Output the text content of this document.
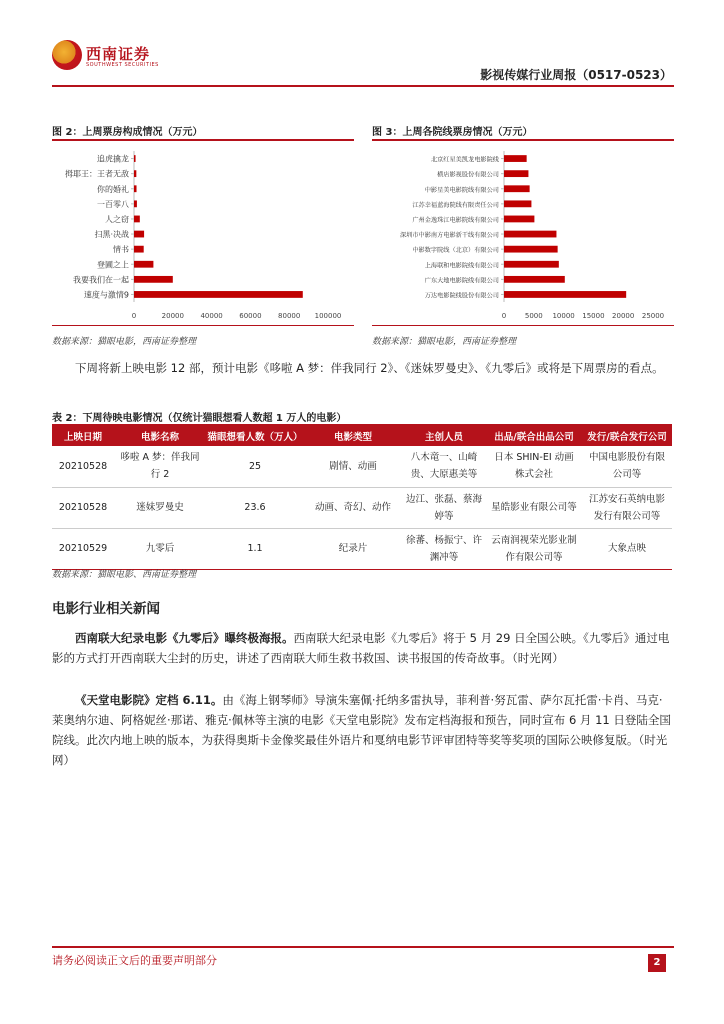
西南证券
SOUTHWEST SECURITIES
影视传媒行业周报（0517-0523）
图 2：上周票房构成情况（万元）
速度与激情9
我要我们在一起
登圃之上
情书
扫黑·决战
人之窃
一百零八
你的婚礼
拇耶王：王者无敌
追虎擒龙
0	20000 40000 60000 80000 100000
数据来源：猫眼电影，西南证券整理
图 3：上周各院线票房情况（万元）
万达电影院线股份有限公司
广东大地电影院线有限公司
上海联和电影院线有限公司
中影数字院线（北京）有限公司
深圳市中影南方电影新干线有限公司
广州金逸珠江电影院线有限公司
江苏幸福蓝海院线有限责任公司
中影星美电影院线有限公司
横店影视股份有限公司
北京红星美凯龙电影院线
0	5000 10000 15000 20000 25000
数据来源：猫眼电影，西南证券整理
下周将新上映电影 12 部，预计电影《哆啦 A 梦：伴我同行 2》、《迷妹罗曼史》、《九零后》或将是下周票房的看点。
表 2：下周待映电影情况（仅统计猫眼想看人数超 1 万人的电影）
上映日期	电影名称	猫眼想看人数（万人）	电影类型	主创人员	出品/联合出品公司	发行/联合发行公司
20210528	哆啦 A 梦：伴我同行 2	25	剧情、动画	八木竜一、山崎贵、大原惠美等	日本 SHIN-EI 动画株式会社	中国电影股份有限公司等
20210528	迷妹罗曼史	23.6	动画、奇幻、动作	边江、张磊、蔡海婷等	星皓影业有限公司等	江苏安石英纳电影发行有限公司等
20210529	九零后	1.1	纪录片	徐蕃、杨振宁、许渊冲等	云南润视荣光影业制作有限公司等	大象点映
数据来源：猫眼电影、西南证券整理
电影行业相关新闻
西南联大纪录电影《九零后》曝终极海报。西南联大纪录电影《九零后》将于 5 月 29 日全国公映。《九零后》通过电影的方式打开西南联大尘封的历史，讲述了西南联大师生救书救国、读书报国的传奇故事。（时光网）
《天堂电影院》定档 6.11。由《海上钢琴师》导演朱塞佩·托纳多雷执导，菲利普·努瓦雷、萨尔瓦托雷·卡肖、马克·莱奥纳尔迪、阿格妮丝·那诺、雅克·佩林等主演的电影《天堂电影院》发布定档海报和预告，同时宣布 6 月 11 日登陆全国院线。此次内地上映的版本，为获得奥斯卡金像奖最佳外语片和戛纳电影节评审团特等奖等奖项的国际公映修复版。（时光网）
请务必阅读正文后的重要声明部分	2
